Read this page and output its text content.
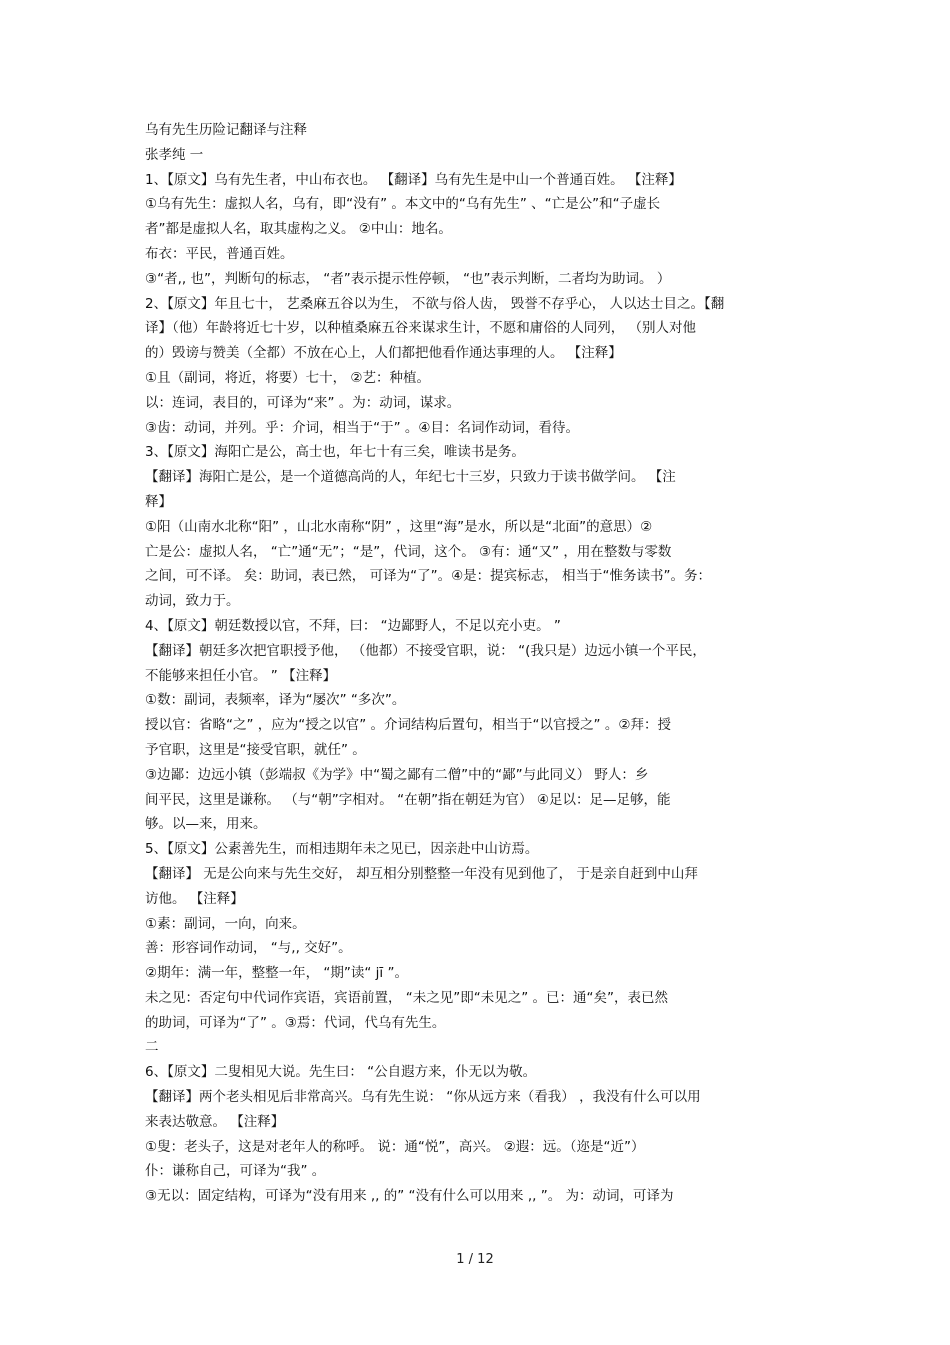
乌有先生历险记翻译与注释
张孝纯 一
1、【原文】乌有先生者，中山布衣也。 【翻译】乌有先生是中山一个普通百姓。 【注释】
①乌有先生：虚拟人名，乌有，即“没有” 。本文中的“乌有先生” 、“亡是公”和“子虚长
者”都是虚拟人名，取其虚构之义。 ②中山：地名。
布衣：平民，普通百姓。
③“者,, 也”，判断句的标志， “者”表示提示性停顿， “也”表示判断，二者均为助词。 ）
2、【原文】年且七十， 艺桑麻五谷以为生， 不欲与俗人齿， 毁誉不存乎心， 人以达士目之。【翻
译】（他）年龄将近七十岁，以种植桑麻五谷来谋求生计，不愿和庸俗的人同列， （别人对他
的）毁谤与赞美（全都）不放在心上，人们都把他看作通达事理的人。 【注释】
①且（副词，将近，将要）七十， ②艺：种植。
以：连词，表目的，可译为“来” 。为：动词，谋求。
③齿：动词，并列。乎：介词，相当于“于” 。④目：名词作动词，看待。
3、【原文】海阳亡是公，高士也，年七十有三矣，唯读书是务。
【翻译】海阳亡是公，是一个道德高尚的人，年纪七十三岁，只致力于读书做学问。 【注
释】
①阳（山南水北称“阳” ，山北水南称“阴” ，这里“海”是水，所以是“北面”的意思）②
亡是公：虚拟人名， “亡”通“无”；“是”，代词，这个。 ③有：通“又” ，用在整数与零数
之间，可不译。 矣：助词，表已然， 可译为“了”。④是：提宾标志， 相当于“惟务读书”。务：
动词，致力于。
4、【原文】朝廷数授以官，不拜，曰： “边鄙野人，不足以充小吏。 ”
【翻译】朝廷多次把官职授予他， （他都）不接受官职，说： “(我只是）边远小镇一个平民，
不能够来担任小官。 ” 【注释】
①数：副词，表频率，译为“屡次” “多次”。
授以官：省略“之” ，应为“授之以官” 。介词结构后置句，相当于“以官授之” 。②拜：授
予官职，这里是“接受官职，就任” 。
③边鄙：边远小镇（彭端叔《为学》中“蜀之鄙有二僧”中的“鄙”与此同义） 野人：乡
间平民，这里是谦称。 （与“朝”字相对。 “在朝”指在朝廷为官） ④足以：足—足够，能
够。以—来，用来。
5、【原文】公素善先生，而相违期年未之见已，因亲赴中山访焉。
【翻译】 无是公向来与先生交好， 却互相分别整整一年没有见到他了， 于是亲自赶到中山拜
访他。 【注释】
①素：副词，一向，向来。
善：形容词作动词， “与,, 交好”。
②期年：满一年，整整一年， “期”读“ jī ”。
未之见：否定句中代词作宾语，宾语前置， “未之见”即“未见之” 。已：通“矣”，表已然
的助词，可译为“了” 。③焉：代词，代乌有先生。
二
6、【原文】二叟相见大说。先生曰： “公自遐方来，仆无以为敬。
【翻译】两个老头相见后非常高兴。乌有先生说： “你从远方来（看我） ，我没有什么可以用
来表达敬意。 【注释】
①叟：老头子，这是对老年人的称呼。 说：通“悦”，高兴。 ②遐：远。（迩是“近”）
仆：谦称自己，可译为“我” 。
③无以：固定结构，可译为“没有用来 ,, 的” “没有什么可以用来 ,, ”。 为：动词，可译为
1 / 12
